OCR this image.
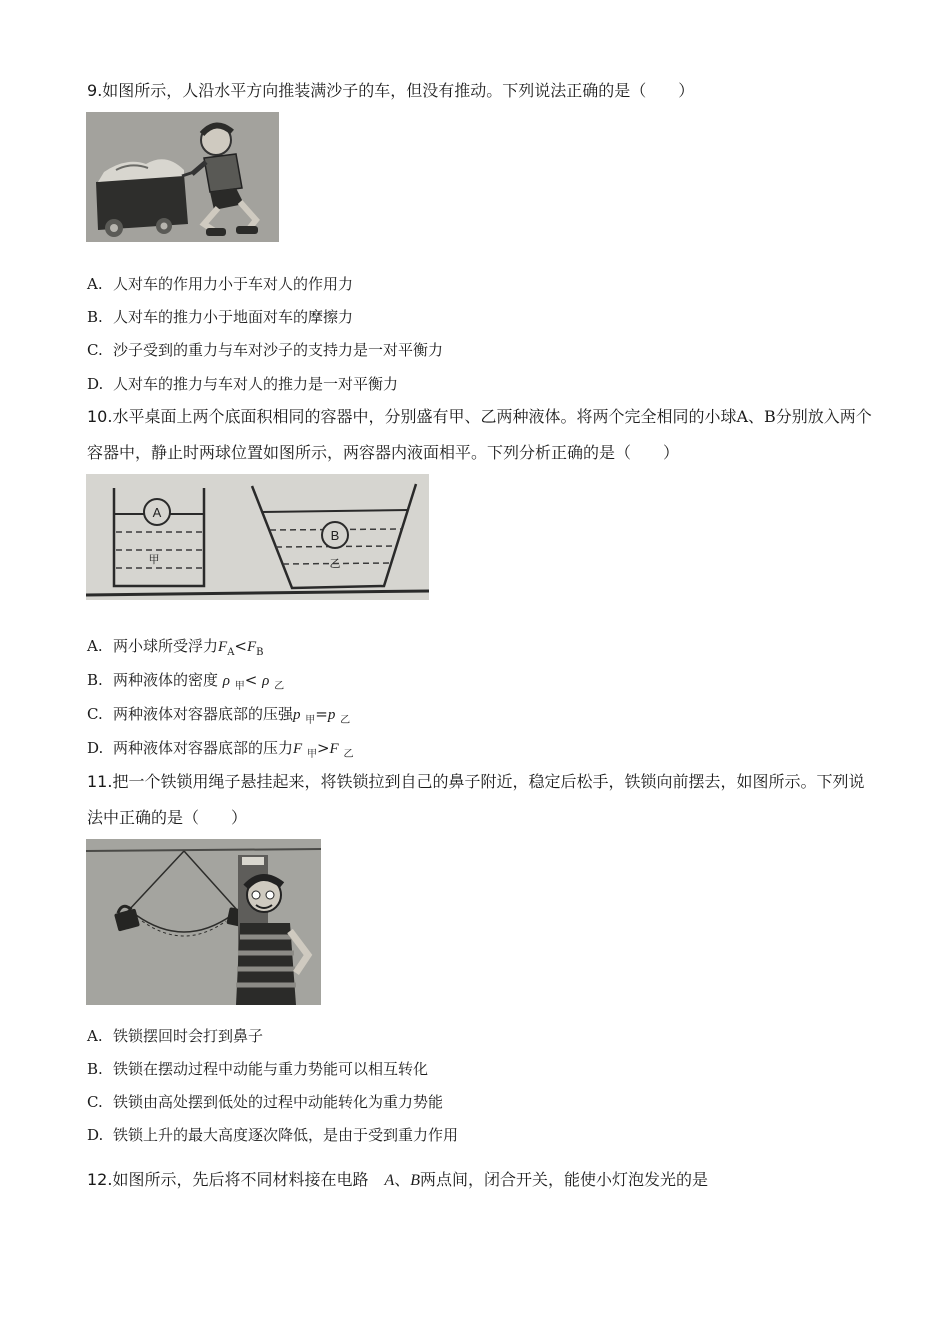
9.如图所示，人沿水平方向推装满沙子的车，但没有推动。下列说法正确的是（　　）
A. 人对车的作用力小于车对人的作用力
B. 人对车的推力小于地面对车的摩擦力
C. 沙子受到的重力与车对沙子的支持力是一对平衡力
D. 人对车的推力与车对人的推力是一对平衡力
10.水平桌面上两个底面积相同的容器中，分别盛有甲、乙两种液体。将两个完全相同的小球A、B分别放入两个容器中，静止时两球位置如图所示，两容器内液面相平。下列分析正确的是（　　）
A
甲
B
乙
A. 两小球所受浮力$F_A<F_B$
B. 两种液体的密度 ρ $_甲$< ρ $_乙$
C. 两种液体对容器底部的压强p $_甲$=p $_乙$
D. 两种液体对容器底部的压力F $_甲$>F $_乙$
11.把一个铁锁用绳子悬挂起来，将铁锁拉到自己的鼻子附近，稳定后松手，铁锁向前摆去，如图所示。下列说法中正确的是（　　）
A. 铁锁摆回时会打到鼻子
B. 铁锁在摆动过程中动能与重力势能可以相互转化
C. 铁锁由高处摆到低处的过程中动能转化为重力势能
D. 铁锁上升的最大高度逐次降低，是由于受到重力作用
12.如图所示，先后将不同材料接在电路　A、B两点间，闭合开关，能使小灯泡发光的是
